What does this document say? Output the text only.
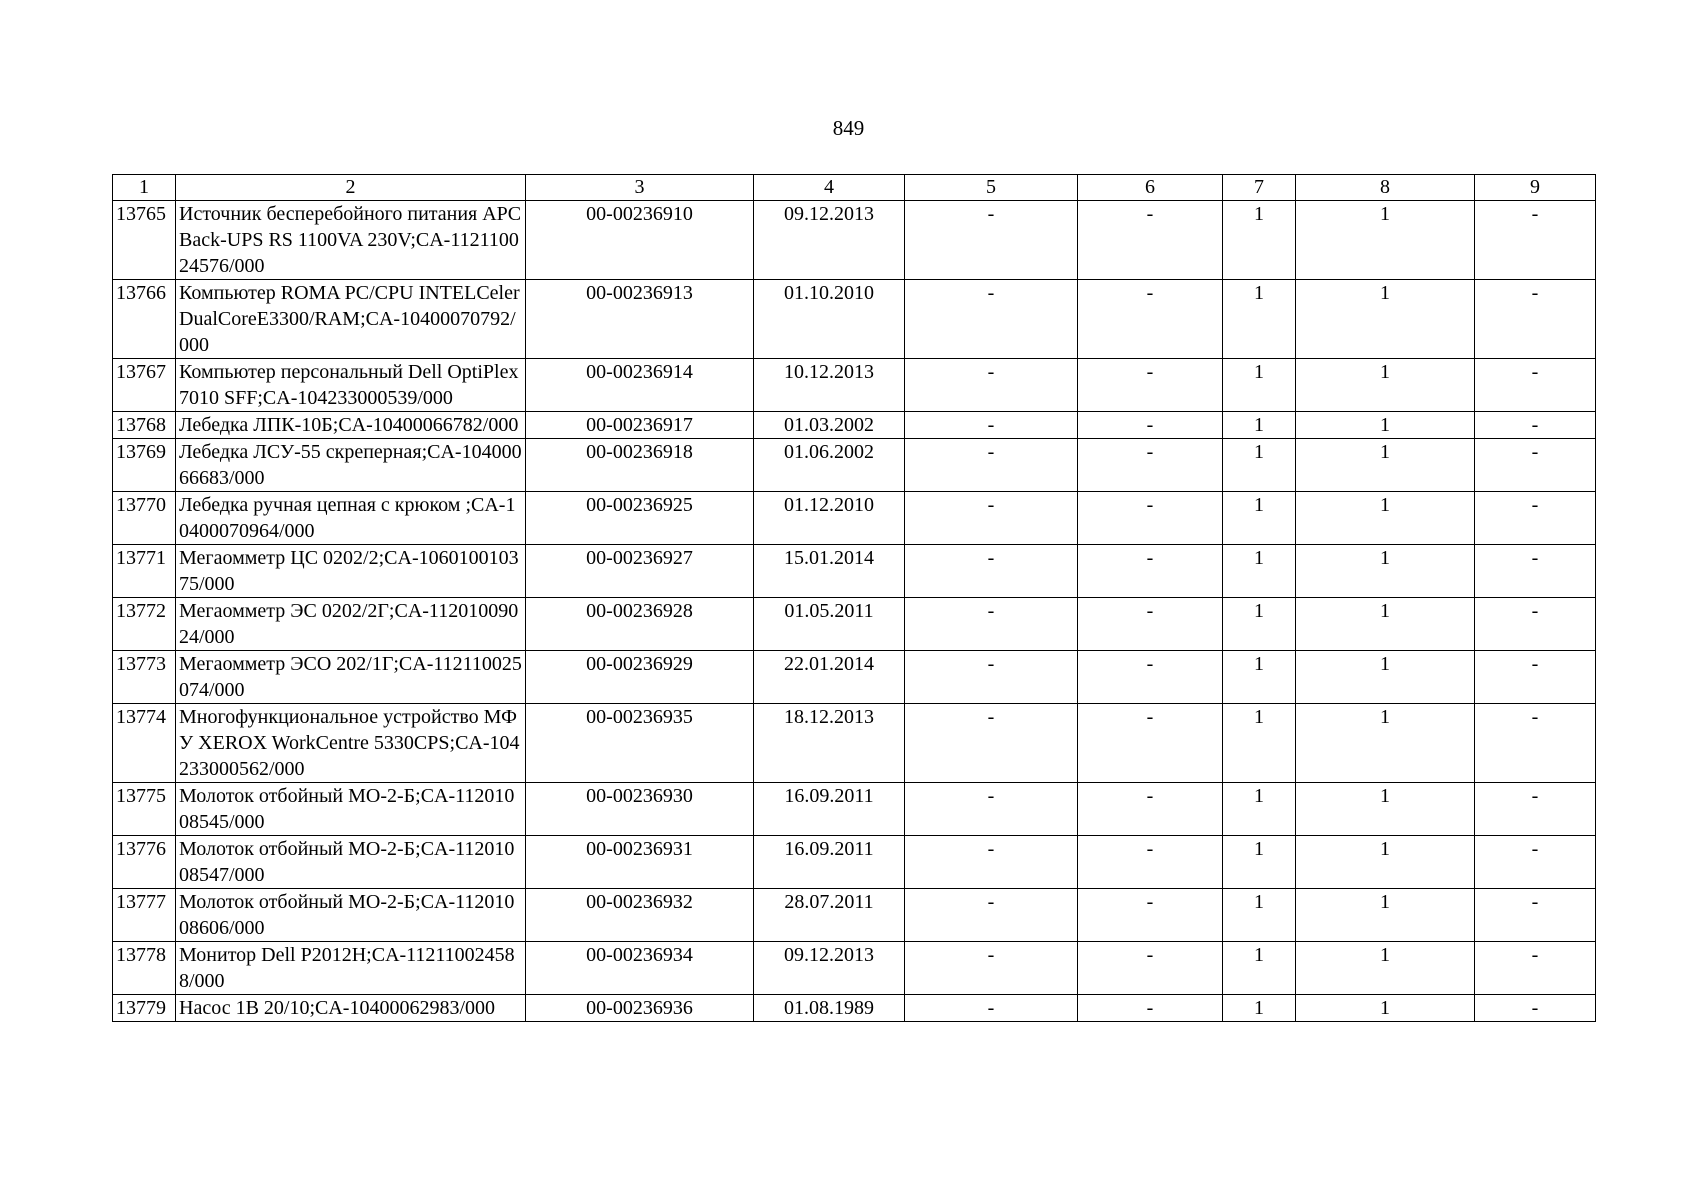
849
1	2	3	4	5	6	7	8	9
13765	Источник бесперебойного питания APC Back-UPS RS 1100VA 230V;CA-112110024576/000	00-00236910	09.12.2013	-	-	1	1	-
13766	Компьютер ROMA PC/CPU INTELCelerDualCoreE3300/RAM;CA-10400070792/000	00-00236913	01.10.2010	-	-	1	1	-
13767	Компьютер персональный Dell OptiPlex 7010 SFF;CA-104233000539/000	00-00236914	10.12.2013	-	-	1	1	-
13768	Лебедка ЛПК-10Б;CA-10400066782/000	00-00236917	01.03.2002	-	-	1	1	-
13769	Лебедка ЛСУ-55 скреперная;CA-10400066683/000	00-00236918	01.06.2002	-	-	1	1	-
13770	Лебедка ручная цепная с крюком ;CA-10400070964/000	00-00236925	01.12.2010	-	-	1	1	-
13771	Мегаомметр ЦС 0202/2;CA-106010010375/000	00-00236927	15.01.2014	-	-	1	1	-
13772	Мегаомметр ЭС 0202/2Г;CA-11201009024/000	00-00236928	01.05.2011	-	-	1	1	-
13773	Мегаомметр ЭСО 202/1Г;CA-112110025074/000	00-00236929	22.01.2014	-	-	1	1	-
13774	Многофункциональное устройство МФУ XEROX WorkCentre 5330CPS;CA-104233000562/000	00-00236935	18.12.2013	-	-	1	1	-
13775	Молоток отбойный МО-2-Б;CA-11201008545/000	00-00236930	16.09.2011	-	-	1	1	-
13776	Молоток отбойный МО-2-Б;CA-11201008547/000	00-00236931	16.09.2011	-	-	1	1	-
13777	Молоток отбойный МО-2-Б;CA-11201008606/000	00-00236932	28.07.2011	-	-	1	1	-
13778	Монитор Dell P2012H;CA-112110024588/000	00-00236934	09.12.2013	-	-	1	1	-
13779	Насос 1В 20/10;CA-10400062983/000	00-00236936	01.08.1989	-	-	1	1	-
